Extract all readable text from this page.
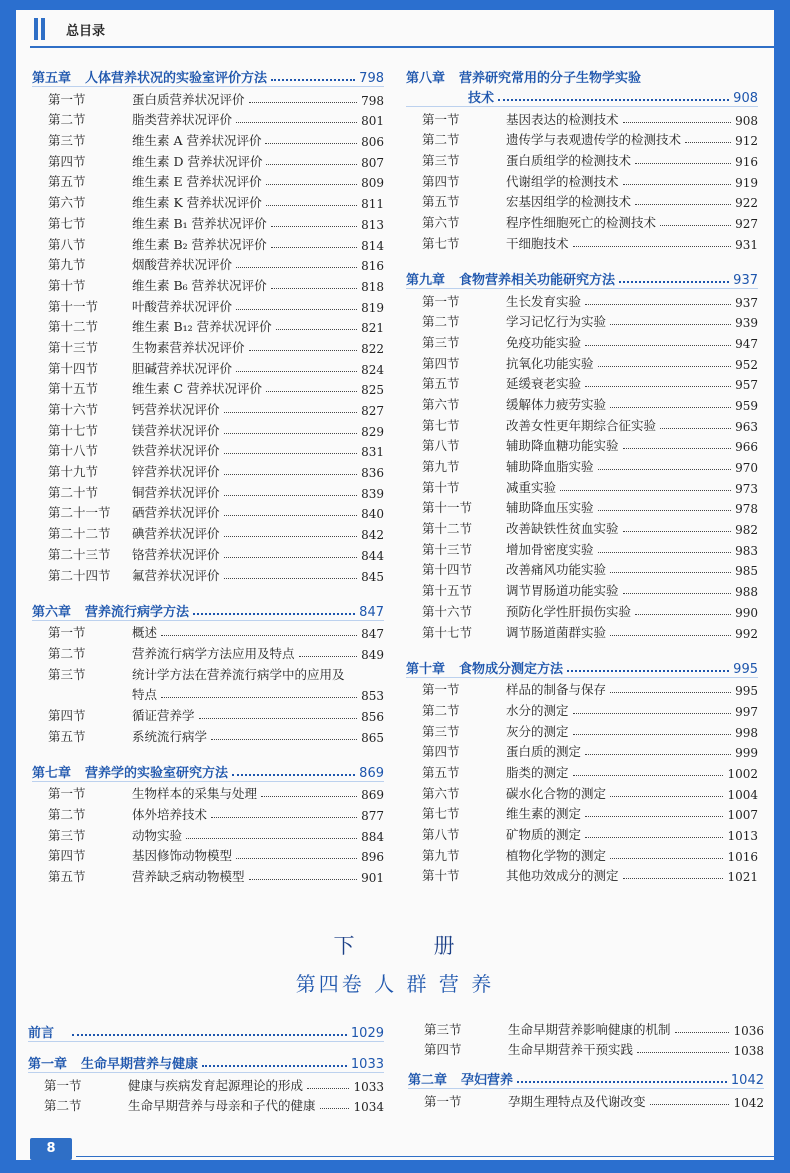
总目录
第五章 人体营养状况的实验室评价方法	798
第一节	蛋白质营养状况评价	798
第二节	脂类营养状况评价	801
第三节	维生素 A 营养状况评价	806
第四节	维生素 D 营养状况评价	807
第五节	维生素 E 营养状况评价	809
第六节	维生素 K 营养状况评价	811
第七节	维生素 B₁ 营养状况评价	813
第八节	维生素 B₂ 营养状况评价	814
第九节	烟酸营养状况评价	816
第十节	维生素 B₆ 营养状况评价	818
第十一节	叶酸营养状况评价	819
第十二节	维生素 B₁₂ 营养状况评价	821
第十三节	生物素营养状况评价	822
第十四节	胆碱营养状况评价	824
第十五节	维生素 C 营养状况评价	825
第十六节	钙营养状况评价	827
第十七节	镁营养状况评价	829
第十八节	铁营养状况评价	831
第十九节	锌营养状况评价	836
第二十节	铜营养状况评价	839
第二十一节	硒营养状况评价	840
第二十二节	碘营养状况评价	842
第二十三节	铬营养状况评价	844
第二十四节	氟营养状况评价	845
第六章 营养流行病学方法	847
第一节	概述	847
第二节	营养流行病学方法应用及特点	849
第三节	统计学方法在营养流行病学中的应用及
特点	853
第四节	循证营养学	856
第五节	系统流行病学	865
第七章 营养学的实验室研究方法	869
第一节	生物样本的采集与处理	869
第二节	体外培养技术	877
第三节	动物实验	884
第四节	基因修饰动物模型	896
第五节	营养缺乏病动物模型	901
第八章 营养研究常用的分子生物学实验
技术	908
第一节	基因表达的检测技术	908
第二节	遗传学与表观遗传学的检测技术	912
第三节	蛋白质组学的检测技术	916
第四节	代谢组学的检测技术	919
第五节	宏基因组学的检测技术	922
第六节	程序性细胞死亡的检测技术	927
第七节	干细胞技术	931
第九章 食物营养相关功能研究方法	937
第一节	生长发育实验	937
第二节	学习记忆行为实验	939
第三节	免疫功能实验	947
第四节	抗氧化功能实验	952
第五节	延缓衰老实验	957
第六节	缓解体力疲劳实验	959
第七节	改善女性更年期综合征实验	963
第八节	辅助降血糖功能实验	966
第九节	辅助降血脂实验	970
第十节	减重实验	973
第十一节	辅助降血压实验	978
第十二节	改善缺铁性贫血实验	982
第十三节	增加骨密度实验	983
第十四节	改善痛风功能实验	985
第十五节	调节胃肠道功能实验	988
第十六节	预防化学性肝损伤实验	990
第十七节	调节肠道菌群实验	992
第十章 食物成分测定方法	995
第一节	样品的制备与保存	995
第二节	水分的测定	997
第三节	灰分的测定	998
第四节	蛋白质的测定	999
第五节	脂类的测定	1002
第六节	碳水化合物的测定	1004
第七节	维生素的测定	1007
第八节	矿物质的测定	1013
第九节	植物化学物的测定	1016
第十节	其他功效成分的测定	1021
下	册
第四卷 人 群 营 养
前言	1029
第一章 生命早期营养与健康	1033
第一节	健康与疾病发育起源理论的形成	1033
第二节	生命早期营养与母亲和子代的健康	1034
第三节	生命早期营养影响健康的机制	1036
第四节	生命早期营养干预实践	1038
第二章 孕妇营养	1042
第一节	孕期生理特点及代谢改变	1042
8
